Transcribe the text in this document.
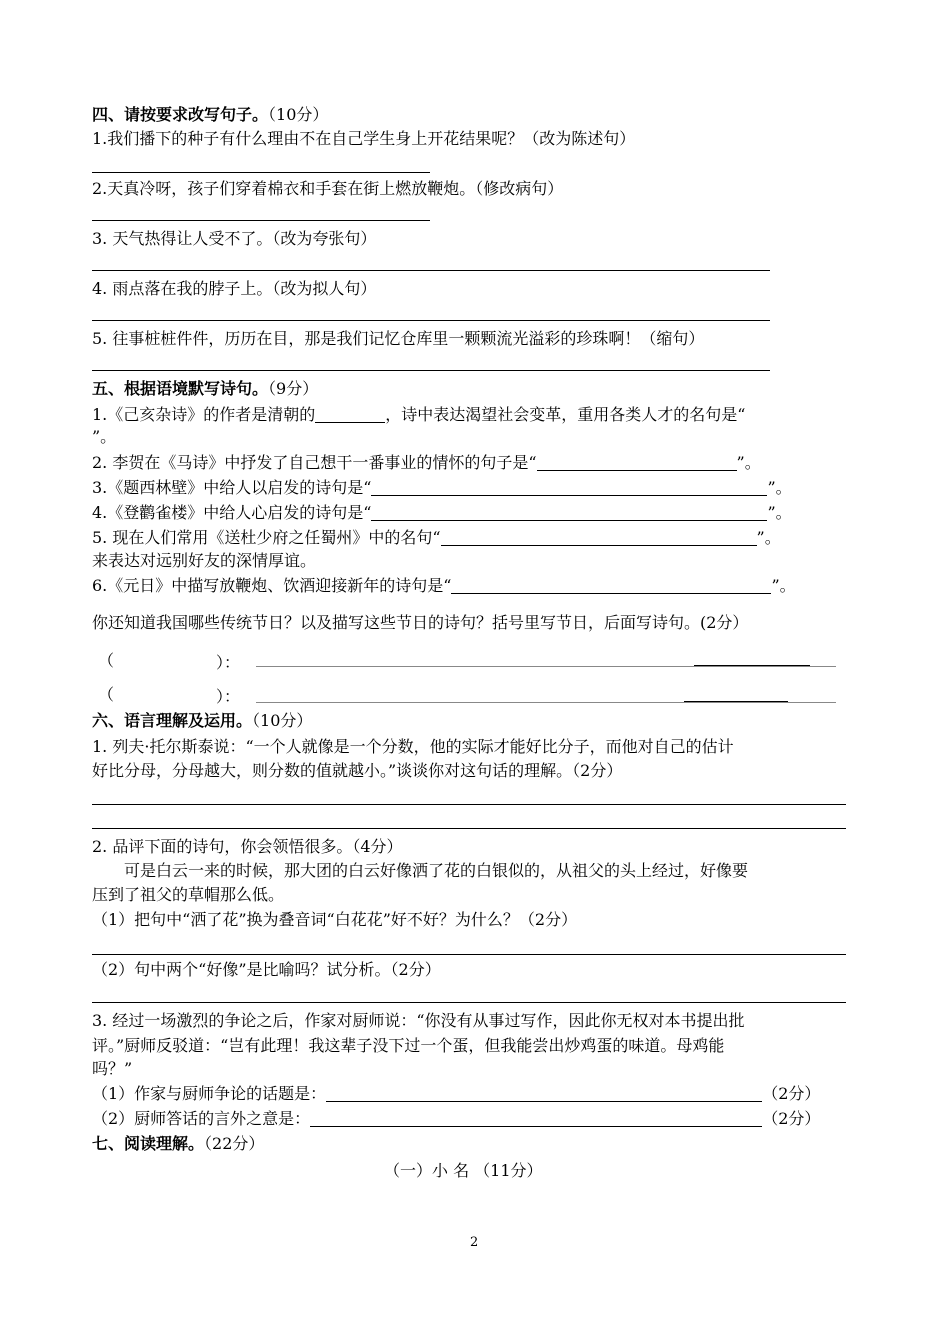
四、请按要求改写句子。（10分）
1.我们播下的种子有什么理由不在自己学生身上开花结果呢？（改为陈述句）
2.天真冷呀，孩子们穿着棉衣和手套在街上燃放鞭炮。（修改病句）
3. 天气热得让人受不了。（改为夸张句）
4. 雨点落在我的脖子上。（改为拟人句）
5. 往事桩桩件件，历历在目，那是我们记忆仓库里一颗颗流光溢彩的珍珠啊！（缩句）
五、根据语境默写诗句。（9分）
1.《己亥杂诗》的作者是清朝的	，诗中表达渴望社会变革，重用各类人才的名句是“
”。
2. 李贺在《马诗》中抒发了自己想干一番事业的情怀的句子是“	”。
3.《题西林壁》中给人以启发的诗句是“	”。
4.《登鹳雀楼》中给人心启发的诗句是“	”。
5. 现在人们常用《送杜少府之任蜀州》中的名句“	”。
来表达对远别好友的深情厚谊。
6.《元日》中描写放鞭炮、饮酒迎接新年的诗句是“	”。
你还知道我国哪些传统节日？以及描写这些节日的诗句？括号里写节日，后面写诗句。(2分）
（	）：
（	）：
六、语言理解及运用。（10分）
1. 列夫·托尔斯泰说：“一个人就像是一个分数，他的实际才能好比分子，而他对自己的估计
好比分母，分母越大，则分数的值就越小。”谈谈你对这句话的理解。（2分）
2. 品评下面的诗句，你会领悟很多。（4分）
可是白云一来的时候，那大团的白云好像洒了花的白银似的，从祖父的头上经过，好像要
压到了祖父的草帽那么低。
（1）把句中“洒了花”换为叠音词“白花花”好不好？为什么？（2分）
（2）句中两个“好像”是比喻吗？试分析。（2分）
3. 经过一场激烈的争论之后，作家对厨师说：“你没有从事过写作，因此你无权对本书提出批
评。”厨师反驳道：“岂有此理！我这辈子没下过一个蛋，但我能尝出炒鸡蛋的味道。母鸡能
吗？”
（1）作家与厨师争论的话题是：	（2分）
（2）厨师答话的言外之意是：	（2分）
七、阅读理解。（22分）
（一）小 名 （11分）
2
